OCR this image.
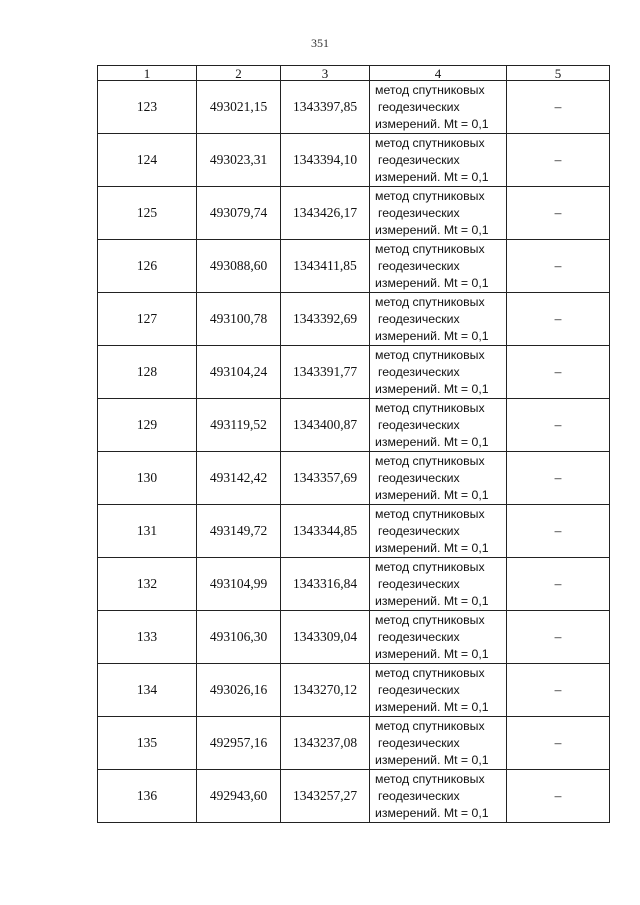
351
1	2	3	4	5
123	493021,15	1343397,85	метод спутниковых
геодезических
измерений. Mt = 0,1	–
124	493023,31	1343394,10	метод спутниковых
геодезических
измерений. Mt = 0,1	–
125	493079,74	1343426,17	метод спутниковых
геодезических
измерений. Mt = 0,1	–
126	493088,60	1343411,85	метод спутниковых
геодезических
измерений. Mt = 0,1	–
127	493100,78	1343392,69	метод спутниковых
геодезических
измерений. Mt = 0,1	–
128	493104,24	1343391,77	метод спутниковых
геодезических
измерений. Mt = 0,1	–
129	493119,52	1343400,87	метод спутниковых
геодезических
измерений. Mt = 0,1	–
130	493142,42	1343357,69	метод спутниковых
геодезических
измерений. Mt = 0,1	–
131	493149,72	1343344,85	метод спутниковых
геодезических
измерений. Mt = 0,1	–
132	493104,99	1343316,84	метод спутниковых
геодезических
измерений. Mt = 0,1	–
133	493106,30	1343309,04	метод спутниковых
геодезических
измерений. Mt = 0,1	–
134	493026,16	1343270,12	метод спутниковых
геодезических
измерений. Mt = 0,1	–
135	492957,16	1343237,08	метод спутниковых
геодезических
измерений. Mt = 0,1	–
136	492943,60	1343257,27	метод спутниковых
геодезических
измерений. Mt = 0,1	–
